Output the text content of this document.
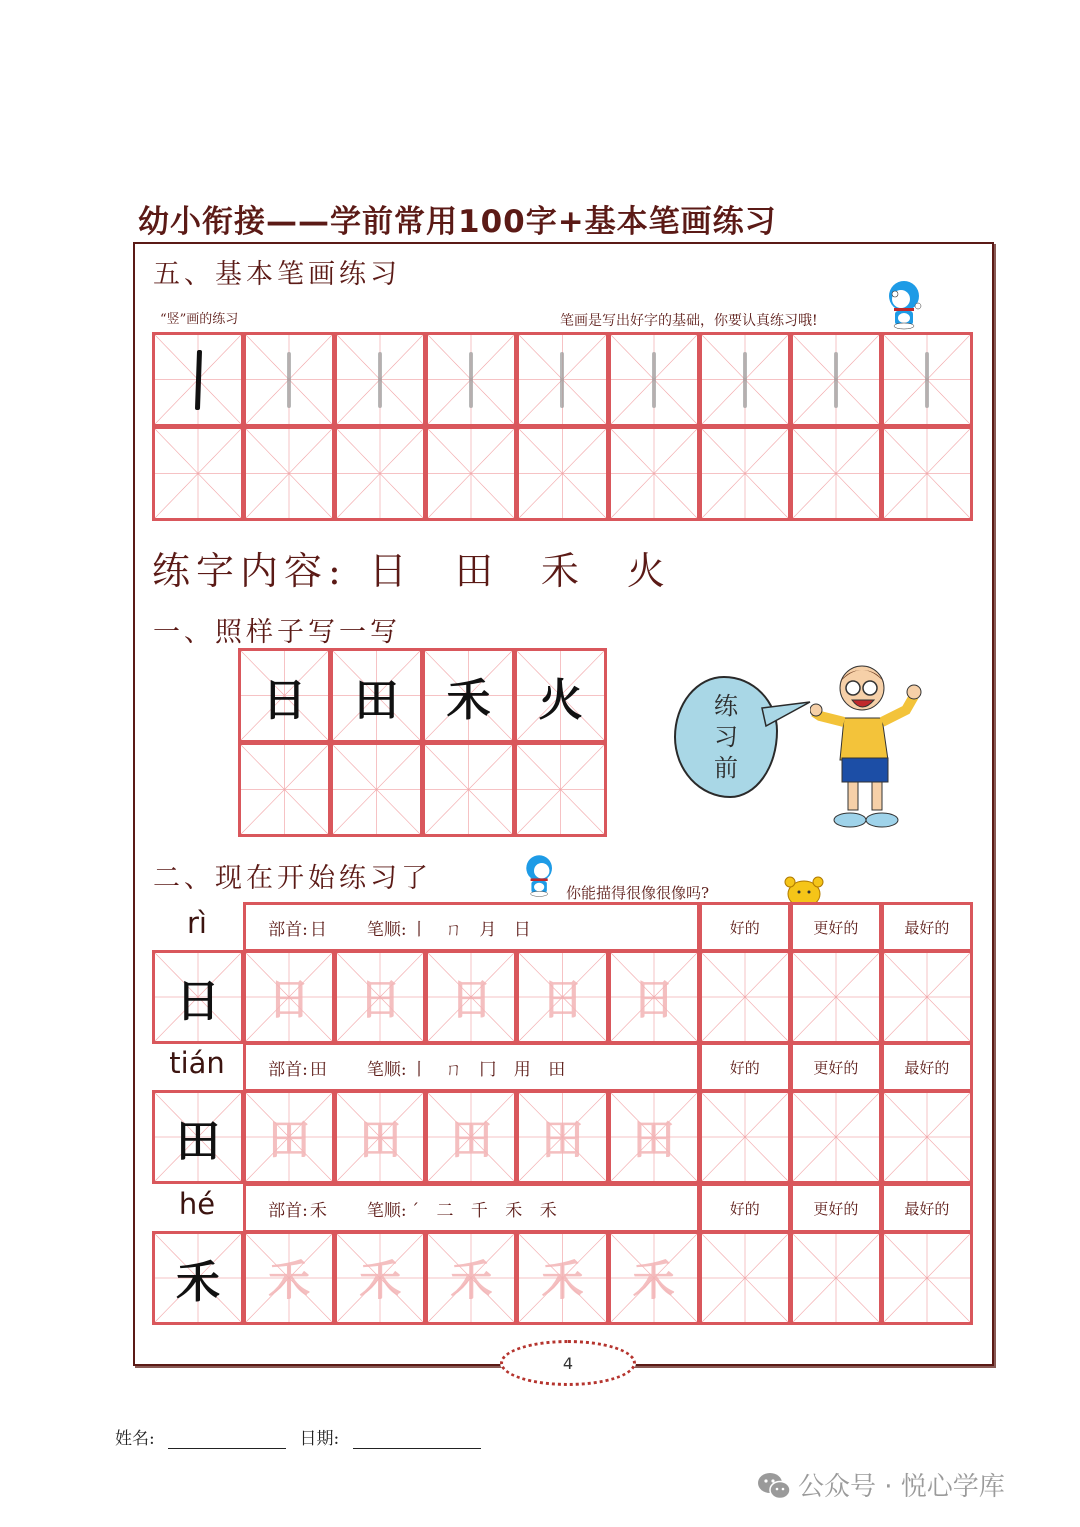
幼小衔接——学前常用100字+基本笔画练习
五、基本笔画练习
“竖”画的练习	笔画是写出好字的基础，你要认真练习哦!
练字内容: 日 田 禾 火
一、照样子写一写
日 田 禾 火	练
习
前
二、现在开始练习了	你能描得很像很像吗?
rì	部首: 日 笔顺: 丨 ㄇ 月 日	好的	更好的	最好的
日 日 日 日 日 日
tián	部首: 田 笔顺: 丨 ㄇ 冂 用 田	好的	更好的	最好的
田 田 田 田 田 田
hé	部首: 禾 笔顺: ´ 二 千 禾 禾	好的	更好的	最好的
禾 禾 禾 禾 禾 禾
4
姓名:	日期:
公众号 · 悦心学库
